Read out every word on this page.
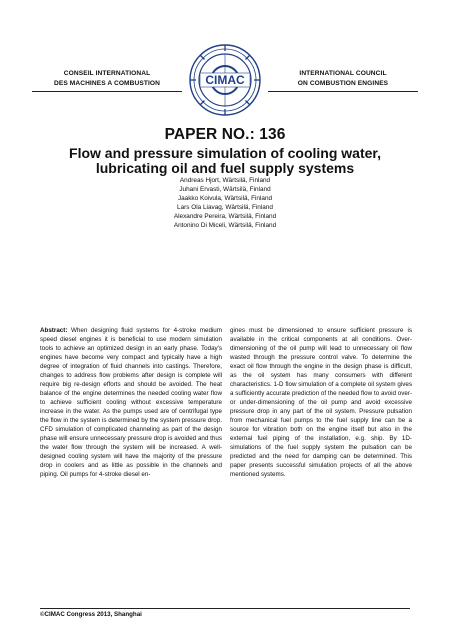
CONSEIL INTERNATIONAL
DES MACHINES A COMBUSTION	CIMAC	INTERNATIONAL COUNCIL
ON COMBUSTION ENGINES
PAPER NO.: 136
Flow and pressure simulation of cooling water,
lubricating oil and fuel supply systems
Andreas Hjort, Wärtsilä, Finland
Juhani Ervasti, Wärtsilä, Finland
Jaakko Koivula, Wärtsilä, Finland
Lars Ola Liavag, Wärtsilä, Finland
Alexandre Pereira, Wärtsilä, Finland
Antonino Di Miceli, Wärtsilä, Finland
Abstract: When designing fluid systems for 4-stroke medium speed diesel engines it is beneficial to use modern simulation tools to achieve an optimized design in an early phase. Today's engines have become very compact and typically have a high degree of integration of fluid channels into castings. Therefore, changes to address flow problems after design is complete will require big re-design efforts and should be avoided. The heat balance of the engine determines the needed cooling water flow to achieve sufficient cooling without excessive temperature increase in the water. As the pumps used are of centrifugal type the flow in the system is determined by the system pressure drop. CFD simulation of complicated channeling as part of the design phase will ensure unnecessary pressure drop is avoided and thus the water flow through the system will be increased. A well-designed cooling system will have the majority of the pressure drop in coolers and as little as possible in the channels and piping. Oil pumps for 4-stroke diesel en-
gines must be dimensioned to ensure sufficient pressure is available in the critical components at all conditions. Over-dimensioning of the oil pump will lead to unnecessary oil flow wasted through the pressure control valve. To determine the exact oil flow through the engine in the design phase is difficult, as the oil system has many consumers with different characteristics. 1-D flow simulation of a complete oil system gives a sufficiently accurate prediction of the needed flow to avoid over- or under-dimensioning of the oil pump and avoid excessive pressure drop in any part of the oil system. Pressure pulsation from mechanical fuel pumps to the fuel supply line can be a source for vibration both on the engine itself but also in the external fuel piping of the installation, e.g. ship. By 1D-simulations of the fuel supply system the pulsation can be predicted and the need for damping can be determined. This paper presents successful simulation projects of all the above mentioned systems.
©CIMAC Congress 2013, Shanghai
